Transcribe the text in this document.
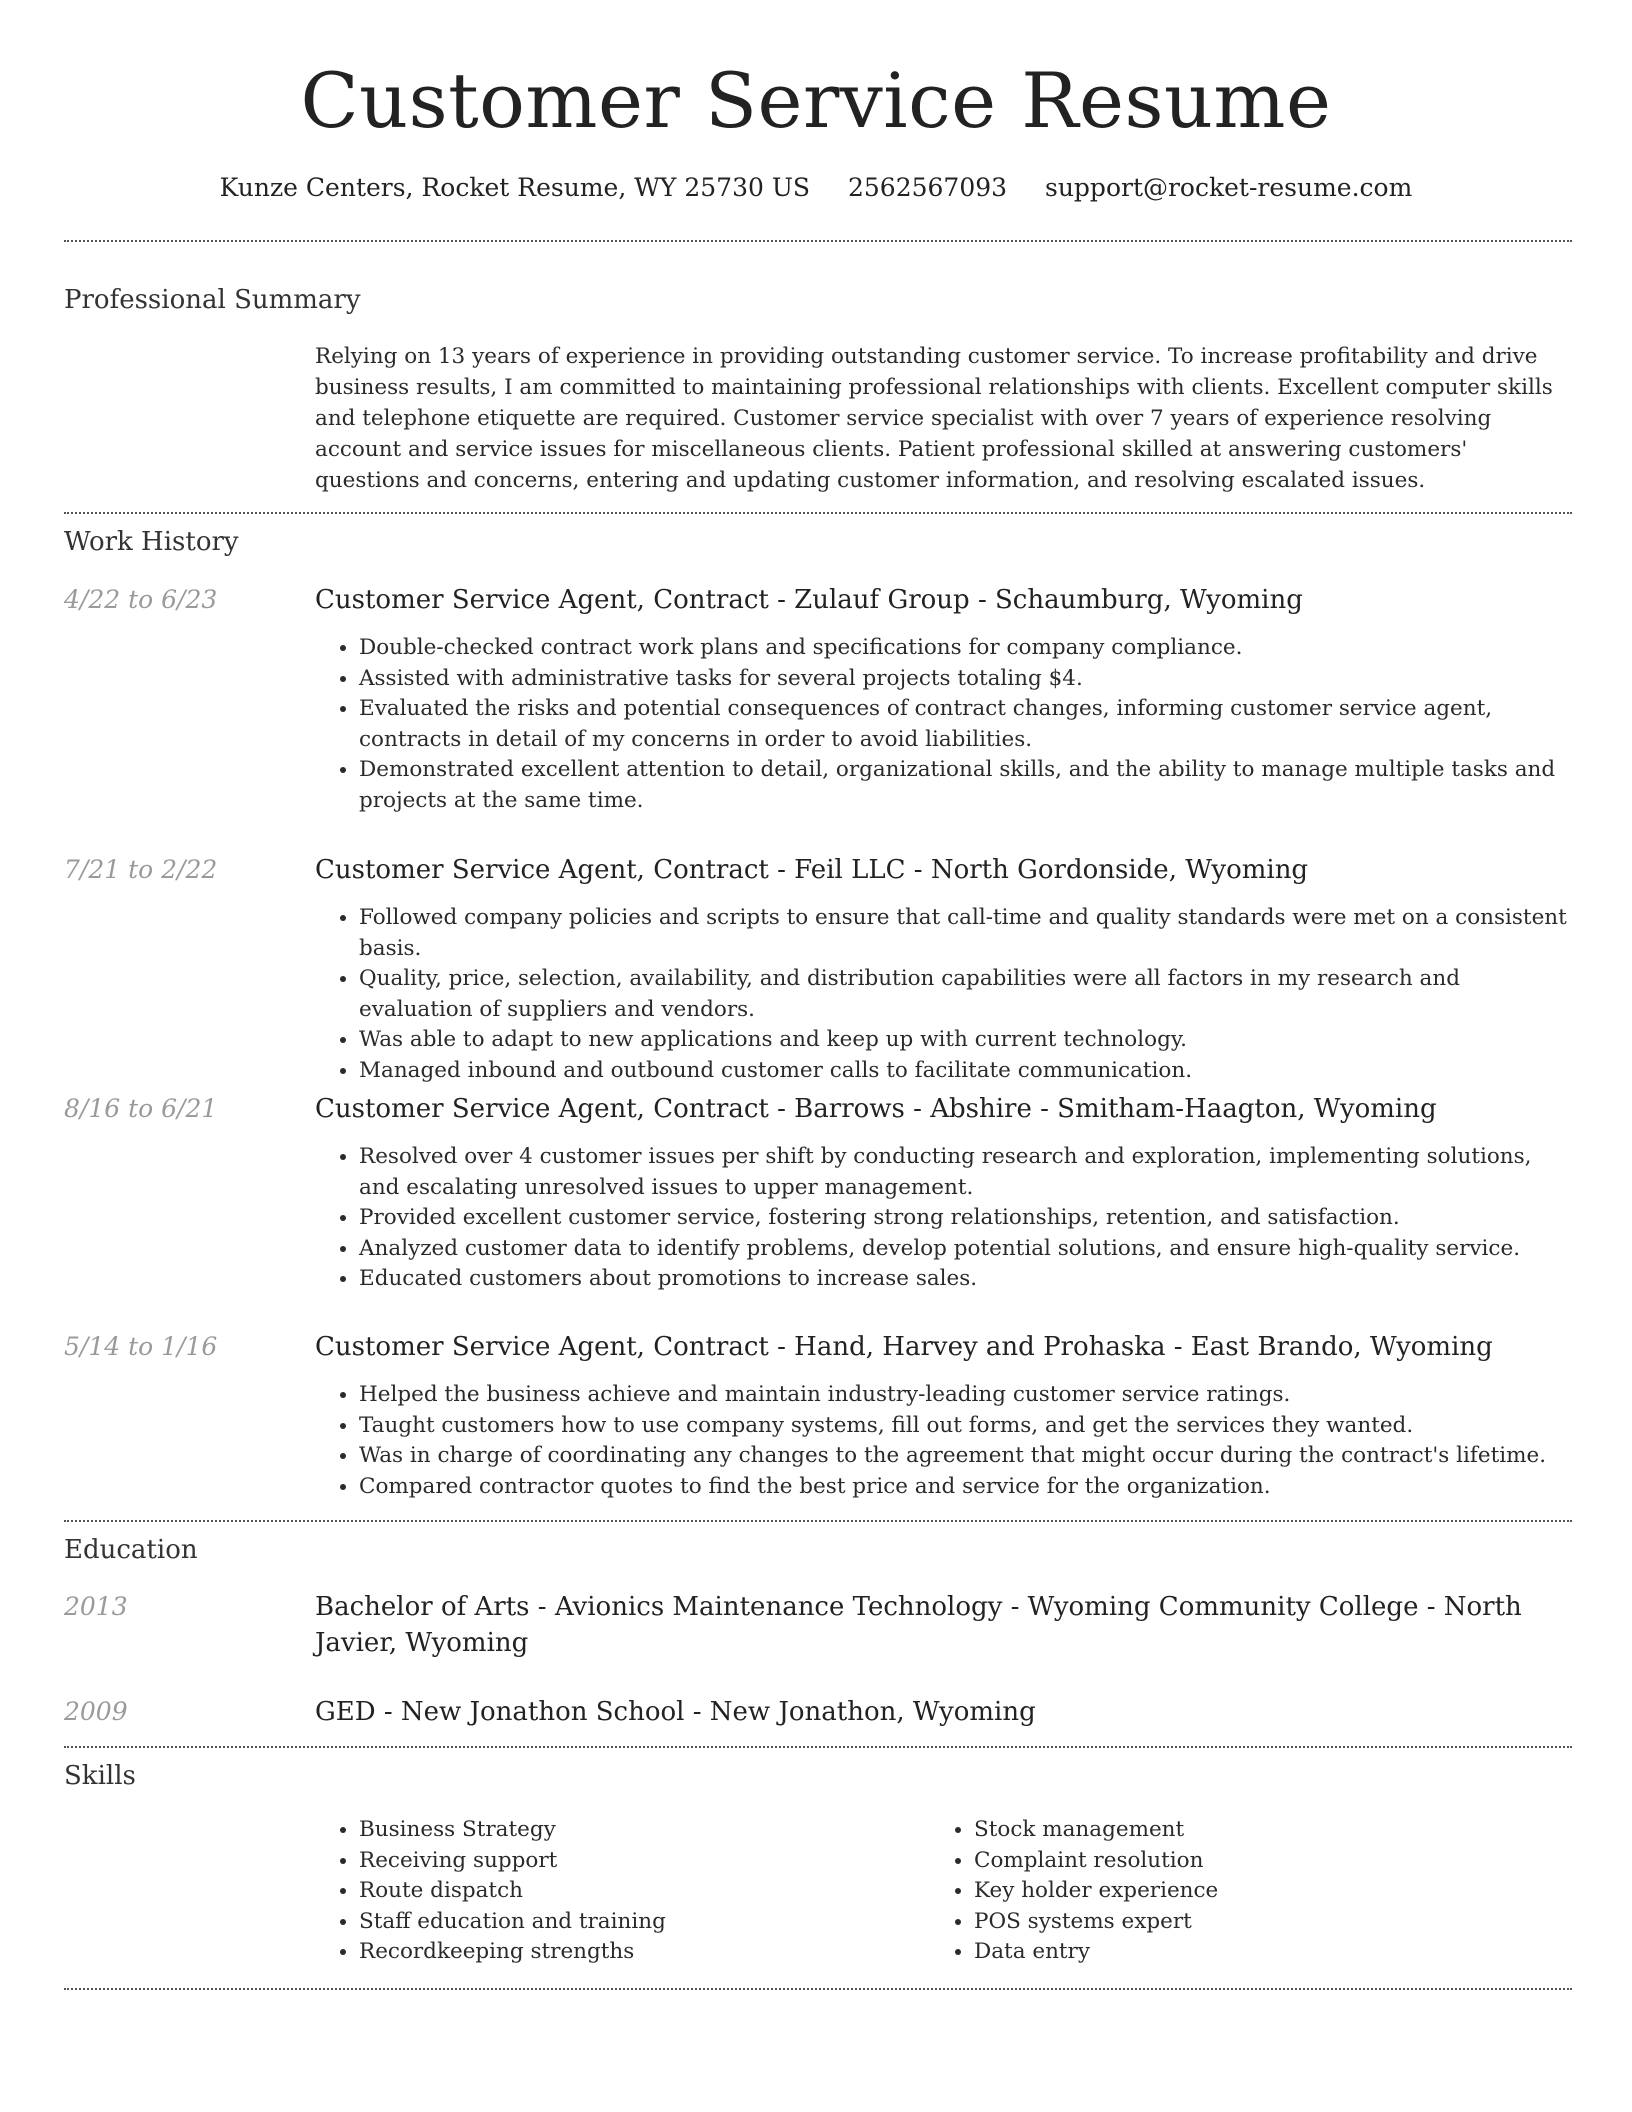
Customer Service Resume
Kunze Centers, Rocket Resume, WY 25730 US 2562567093 support@rocket-resume.com
Professional Summary

Relying on 13 years of experience in providing outstanding customer service. To increase profitability and drive business results, I am committed to maintaining professional relationships with clients. Excellent computer skills and telephone etiquette are required. Customer service specialist with over 7 years of experience resolving account and service issues for miscellaneous clients. Patient professional skilled at answering customers' questions and concerns, entering and updating customer information, and resolving escalated issues.

Work History
4/22 to 6/23	Customer Service Agent, Contract - Zulauf Group - Schaumburg, Wyoming
• Double-checked contract work plans and specifications for company compliance.
• Assisted with administrative tasks for several projects totaling $4.
• Evaluated the risks and potential consequences of contract changes, informing customer service agent, contracts in detail of my concerns in order to avoid liabilities.
• Demonstrated excellent attention to detail, organizational skills, and the ability to manage multiple tasks and projects at the same time.
7/21 to 2/22	Customer Service Agent, Contract - Feil LLC - North Gordonside, Wyoming
• Followed company policies and scripts to ensure that call-time and quality standards were met on a consistent basis.
• Quality, price, selection, availability, and distribution capabilities were all factors in my research and evaluation of suppliers and vendors.
• Was able to adapt to new applications and keep up with current technology.
• Managed inbound and outbound customer calls to facilitate communication.
8/16 to 6/21	Customer Service Agent, Contract - Barrows - Abshire - Smitham-Haagton, Wyoming
• Resolved over 4 customer issues per shift by conducting research and exploration, implementing solutions, and escalating unresolved issues to upper management.
• Provided excellent customer service, fostering strong relationships, retention, and satisfaction.
• Analyzed customer data to identify problems, develop potential solutions, and ensure high-quality service.
• Educated customers about promotions to increase sales.
5/14 to 1/16	Customer Service Agent, Contract - Hand, Harvey and Prohaska - East Brando, Wyoming
• Helped the business achieve and maintain industry-leading customer service ratings.
• Taught customers how to use company systems, fill out forms, and get the services they wanted.
• Was in charge of coordinating any changes to the agreement that might occur during the contract's lifetime.
• Compared contractor quotes to find the best price and service for the organization.
Education
2013	Bachelor of Arts - Avionics Maintenance Technology - Wyoming Community College - North Javier, Wyoming
2009	GED - New Jonathon School - New Jonathon, Wyoming
Skills
• Business Strategy
• Receiving support
• Route dispatch
• Staff education and training
• Recordkeeping strengths
• Stock management
• Complaint resolution
• Key holder experience
• POS systems expert
• Data entry
